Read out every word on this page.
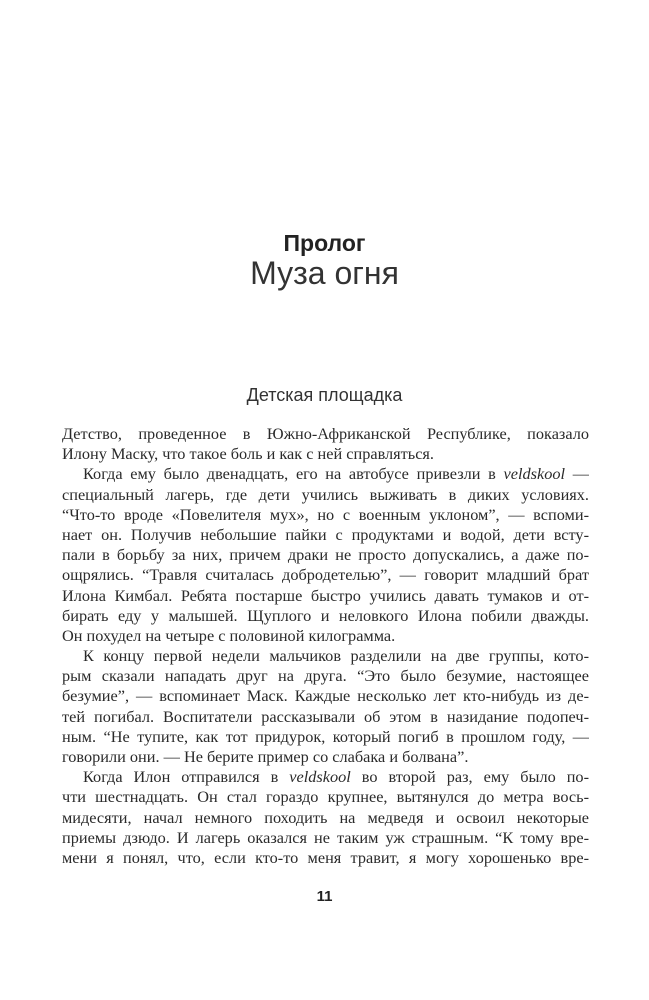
Пролог
Муза огня
Детская площадка
Детство, проведенное в Южно-Африканской Республике, показало
Илону Маску, что такое боль и как с ней справляться.
Когда ему было двенадцать, его на автобусе привезли в veldskool —
специальный лагерь, где дети учились выживать в диких условиях.
“Что-то вроде «Повелителя мух», но с военным уклоном”, — вспоми-
нает он. Получив небольшие пайки с продуктами и водой, дети всту-
пали в борьбу за них, причем драки не просто допускались, а даже по-
ощрялись. “Травля считалась добродетелью”, — говорит младший брат
Илона Кимбал. Ребята постарше быстро учились давать тумаков и от-
бирать еду у малышей. Щуплого и неловкого Илона побили дважды.
Он похудел на четыре с половиной килограмма.
К концу первой недели мальчиков разделили на две группы, кото-
рым сказали нападать друг на друга. “Это было безумие, настоящее
безумие”, — вспоминает Маск. Каждые несколько лет кто-нибудь из де-
тей погибал. Воспитатели рассказывали об этом в назидание подопеч-
ным. “Не тупите, как тот придурок, который погиб в прошлом году, —
говорили они. — Не берите пример со слабака и болвана”.
Когда Илон отправился в veldskool во второй раз, ему было по-
чти шестнадцать. Он стал гораздо крупнее, вытянулся до метра вось-
мидесяти, начал немного походить на медведя и освоил некоторые
приемы дзюдо. И лагерь оказался не таким уж страшным. “К тому вре-
мени я понял, что, если кто-то меня травит, я могу хорошенько вре-
11
